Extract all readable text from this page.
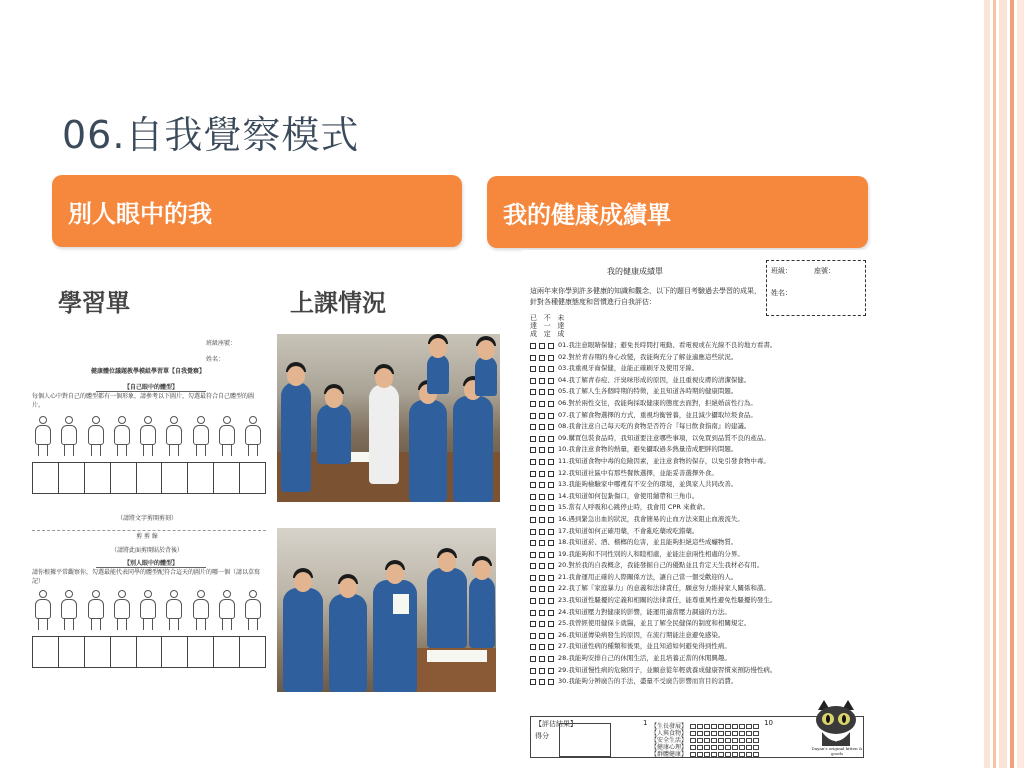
06.自我覺察模式
別人眼中的我	我的健康成績單
學習單	上課情況
班級座號：
姓名：
健康體位議題教學模組學習單【自我覺察】
【自己眼中的體型】
每個人心中對自己的體型都有一個形象，請參考以下圖片，勾選最符合自己體型的圖片。
（請將文字剪開剪刻）
剪 剪 線
（請將此面剪開貼於背後）
【別人眼中的體型】
請你根據平常觀察你，勾選最能代表同學的體型配符合這天的圖片的哪一個（請以草寫記）
我的健康成績單	班級：	座號：
姓名：
這兩年來你學到許多健康的知識和觀念，以下的題目考驗過去學習的成果，針對各種健康態度和習慣進行自我評估：
已 不 未
達 一 達
成 定 成
01.我注意眼睛保健；避免長時間打電動、看電視或在光線不良的地方看書。
02.對於青春期的身心改變，我能夠充分了解並適應這些狀況。
03.我重視牙齒保健，並能正確刷牙及使用牙線。
04.我了解青春痘、汗臭味形成的原因，並且重視皮膚的清潔保健。
05.我了解人生各個時期的特徵，並且知道各時期的健康問題。
06.對於兩性交往，我能夠採取健康的態度去面對，拒絕婚前性行為。
07.我了解食物選擇的方式，重視均衡營養，並且減少攝取垃圾食品。
08.我會注意自己每天吃的食物是否符合『每日飲食指南』的建議。
09.購買包裝食品時，我知道要注意哪些事項，以免買到品質不良的產品。
10.我會注意食物的熱量，避免攝取過多熱量造成肥胖的問題。
11.我知道食物中毒的危險因素，並注意食物的保存，以免引發食物中毒。
12.我知道社區中有那些餐飲選擇，並能妥善選擇外食。
13.我能夠檢驗家中哪裡有不安全的環境，並與家人共同改善。
14.我知道如何包紮傷口，會使用繃帶和三角巾。
15.當有人呼吸和心跳停止時，我會用 CPR 來救命。
16.遇到緊急出血的狀況，我會簡易的止血方法來阻止血液流失。
17.我知道如何正確用藥，不會亂吃藥或吃錯藥。
18.我知道菸、酒、檳榔的危害，並且能夠拒絕這些成癮物質。
19.我能夠和不同性別的人和睦相處，並能注意兩性相處的分界。
20.對於我的自我概念，我能發掘自己的優點並且肯定天生我材必有用。
21.我會運用正確的人際關係方法，讓自己當一個受歡迎的人。
22.我了解『家庭暴力』的意義和法律責任，願意努力維持家人關係和諧。
23.我知道性騷擾的定義和相關的法律責任，能尊重異性避免性騷擾的發生。
24.我知道壓力對健康的影響，能運用適當壓力調適的方法。
25.我曾經使用健保卡就醫，並且了解全民健保的制度和相關規定。
26.我知道傳染病發生的原因，在流行期能注意避免感染。
27.我知道性病的種類和後果，並且知道如何避免得到性病。
28.我能夠安排自己的休閒生活，並且培養正當的休閒興趣。
29.我知道慢性病的危險因子，並願意從年輕就養成健康習慣來預防慢性病。
30.我能夠分辨廣告的手法，盡量不受廣告影響而盲目的消費。
【評估結果】	1	10
得分
【生長發展】
【人與食物】
【安全生活】
【健康心理】
【群體健康】
Dayan's original kitten & goods
